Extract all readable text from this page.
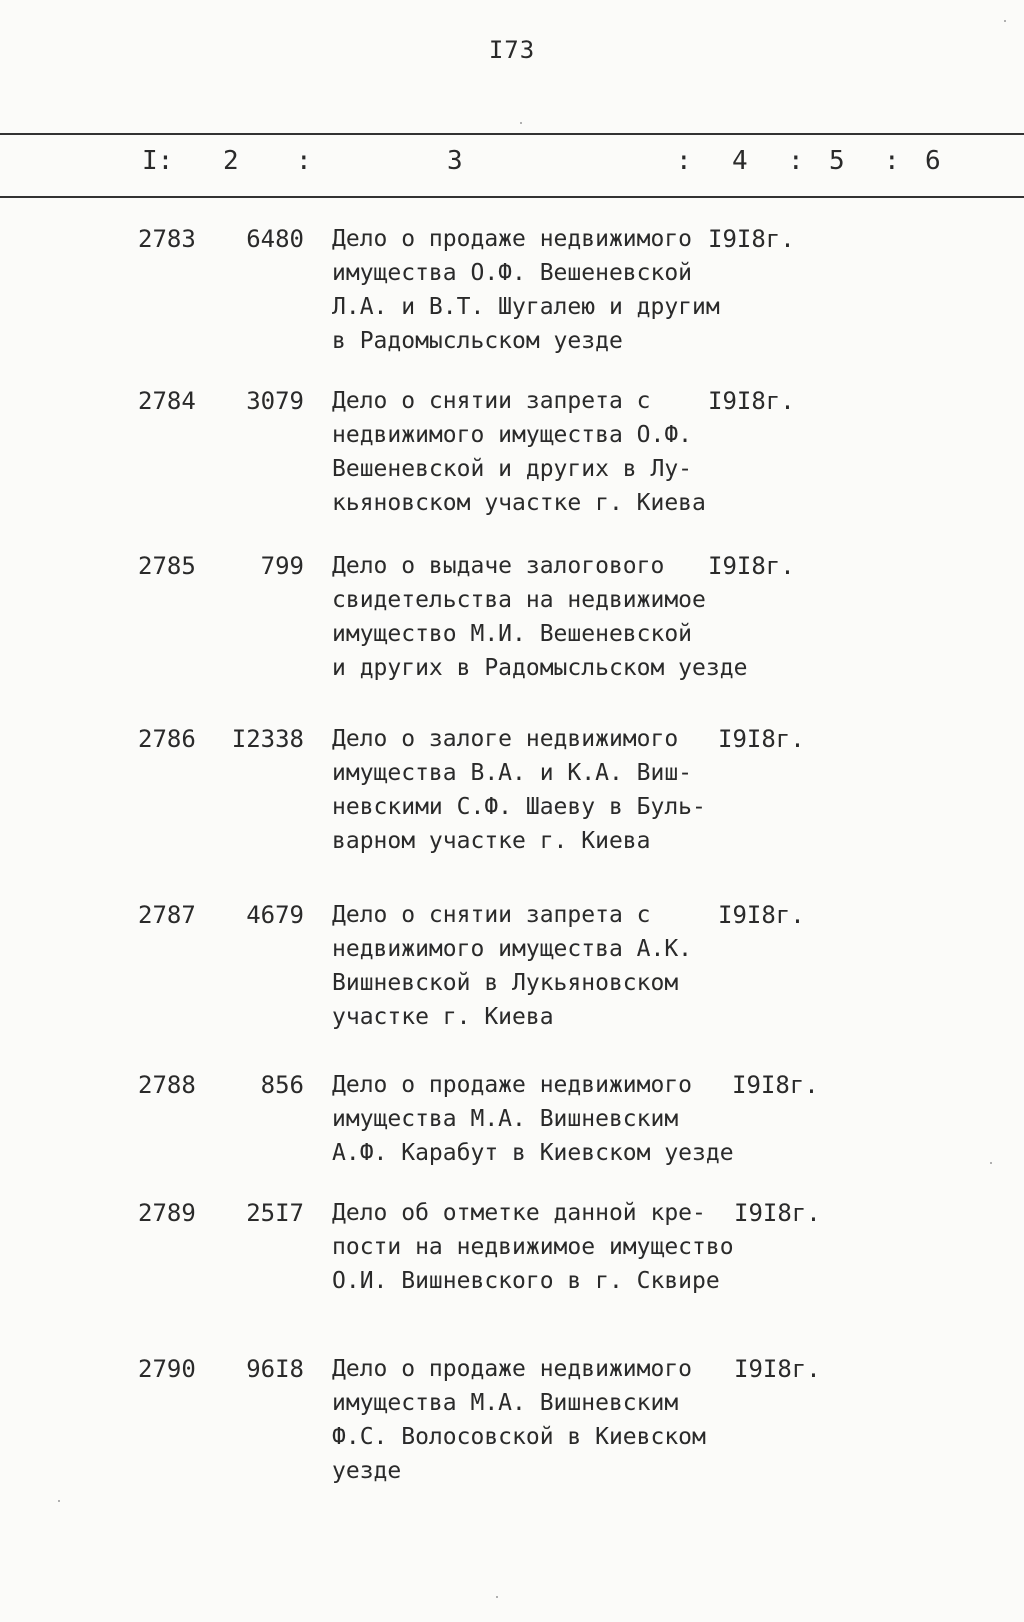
I73
I: 2 :	3	: 4 : 5 : 6
2783	6480 Дело о продаже недвижимого
имущества О.Ф. Вешеневской
Л.А. и В.Т. Шугалею и другим
в Радомысльском уезде
I9I8г.
2784	3079 Дело о снятии запрета с
недвижимого имущества О.Ф.
Вешеневской и других в Лу-
кьяновском участке г. Киева
I9I8г.
2785	799 Дело о выдаче залогового
свидетельства на недвижимое
имущество М.И. Вешеневской
и других в Радомысльском уезде
I9I8г.
2786	I2338 Дело о залоге недвижимого
имущества В.А. и К.А. Виш-
невскими С.Ф. Шаеву в Буль-
варном участке г. Киева
I9I8г.
2787	4679 Дело о снятии запрета с
недвижимого имущества А.К.
Вишневской в Лукьяновском
участке г. Киева
I9I8г.
2788	856 Дело о продаже недвижимого
имущества М.А. Вишневским
А.Ф. Карабут в Киевском уезде
I9I8г.
2789	25I7 Дело об отметке данной кре-
пости на недвижимое имущество
О.И. Вишневского в г. Сквире
I9I8г.
2790	96I8 Дело о продаже недвижимого
имущества М.А. Вишневским
Ф.С. Волосовской в Киевском
уезде
I9I8г.
